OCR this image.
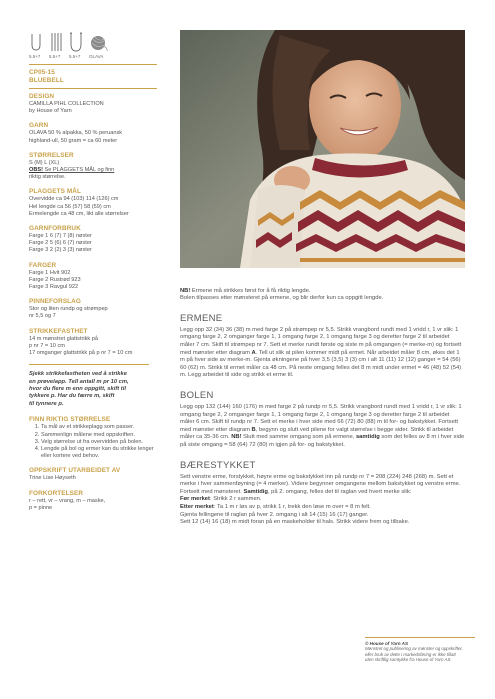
5.5+7	5.5+7	5.5+7	OLAVA
CP05-15
BLUEBELL
DESIGN
CAMILLA PIHL COLLECTION
by House of Yarn
GARN
OLAVA 50 % alpakka, 50 % peruansk
highland-ull, 50 gram = ca 60 meter
STØRRELSER
S (M) L (XL)
OBS! Se PLAGGETS MÅL og finn
riktig størrelse.
PLAGGETS MÅL
Overvidde ca 94 (103) 114 (126) cm
Hel lengde ca 56 (57) 58 (59) cm
Ermelengde ca 48 cm, likt alle størrelser
GARNFORBRUK
Farge 1 6 (7) 7 (8) nøster
Farge 2 5 (6) 6 (7) nøster
Farge 3 2 (2) 3 (3) nøster
FARGER
Farge 1 Hvit 902
Farge 2 Rustrød 923
Farge 3 Ravgul 922
PINNEFORSLAG
Stor og liten rundp og strømpep
nr 5,5 og 7
STRIKKEFASTHET
14 m mønstret glattstrikk på
p nr 7 = 10 cm
17 omganger glattstrikk på p nr 7 = 10 cm
Sjekk strikkefastheten ved å strikke
en prøvelapp. Tell antall m pr 10 cm,
hvor du flere m enn oppgitt, skift til
tykkere p. Har du færre m, skift
til tynnere p.
FINN RIKTIG STØRRELSE
1. Ta mål av et strikkeplagg som passer.
2. Sammenlign målene med oppskriften.
3. Velg størrelse ut fra overvidden på bolen.
4. Lengde på bol og ermer kan du strikke lenger eller kortere ved behov.
OPPSKRIFT UTARBEIDET AV
Trine Lise Høyseth
FORKORTELSER
r – rett, vr – vrang, m – maske,
p = pinne
NB! Ermene må strikkes først for å få riktig lengde.
Bolen tilpasses etter mønsteret på ermene, og blir derfor kun ca oppgitt lengde.
ERMENE
Legg opp 32 (34) 36 (38) m med farge 2 på strømpep nr 5,5. Strikk vrangbord rundt med 1 vridd r, 1 vr slik: 1 omgang farge 2, 2 omganger farge 1, 1 omgang farge 2, 1 omgang farge 3 og deretter farge 2 til arbeidet måler 7 cm. Skift til strømpep nr 7. Sett et merke rundt første og siste m på omgangen (= merke-m) og fortsett med mønster etter diagram A. Tell ut slik at pilen kommer midt på ermet. Når arbeidet måler 8 cm, økes det 1 m på hver side av merke-m. Gjenta økningene på hver 3,5 (3,5) 3 (3) cm i alt 11 (11) 12 (12) ganger = 54 (56) 60 (62) m. Strikk til ermet måler ca 48 cm. På neste omgang felles det 8 m midt under ermet = 46 (48) 52 (54) m. Legg arbeidet til side og strikk et erme til.
BOLEN
Legg opp 132 (144) 160 (176) m med farge 2 på rundp nr 5,5. Strikk vrangbord rundt med 1 vridd r, 1 vr slik: 1 omgang farge 2, 2 omganger farge 1, 1 omgang farge 2, 1 omgang farge 3 og deretter farge 2 til arbeidet måler 6 cm. Skift til rundp nr 7. Sett et merke i hver side med 66 (72) 80 (88) m til for- og bakstykket. Fortsett med mønster etter diagram B, begynn og slutt ved pilene for valgt størrelse i begge sider. Strikk til arbeidet måler ca 35-36 cm. NB! Slutt med samme omgang som på ermene, samtidig som det felles av 8 m i hver side på siste omgang = 58 (64) 72 (80) m igjen på for- og bakstykket.
BÆRESTYKKET
Sett venstre erme, forstykket, høyre erme og bakstykket inn på rundp nr 7 = 208 (224) 248 (268) m. Sett et merke i hver sammenføyning (= 4 merker). Videre begynner omgangene mellom bakstykket og venstre erme. Fortsett med mønsteret. Samtidig, på 2. omgang, felles det til raglan ved hvert merke slik:
Før merket: Strikk 2 r sammen.
Etter merket: Ta 1 m r løs av p, strikk 1 r, trekk den løse m over = 8 m felt.
Gjenta fellingene til raglan på hver 2. omgang i alt 14 (15) 16 (17) ganger.
Sett 12 (14) 16 (18) m midt foran på en maskeholder til hals. Strikk videre frem og tilbake.
© House of Yarn AS
Mønstret og publisering av mønster og oppskrifter,
eller bruk av dette i markedsføring er ikke tillatt
uten skriftlig samtykke fra House of Yarn AS.
